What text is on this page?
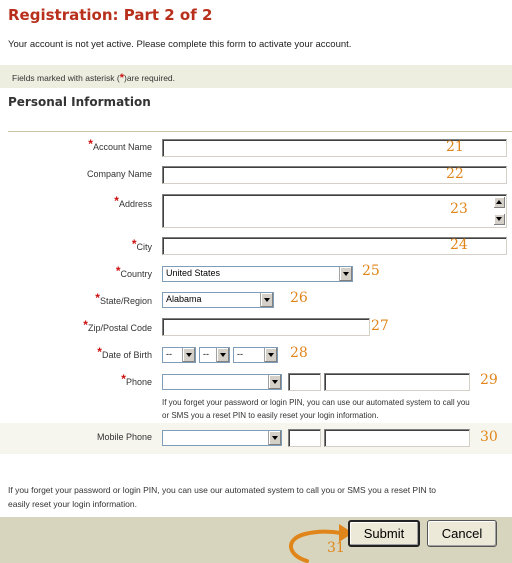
Registration: Part 2 of 2
Your account is not yet active. Please complete this form to activate your account.
Fields marked with asterisk (*)are required.
Personal Information
*Account Name	21
Company Name	22
*Address	23
*City	24
*Country	United States	25
*State/Region	Alabama	26
*Zip/Postal Code	27
*Date of Birth	--	--	--	28
*Phone	29
If you forget your password or login PIN, you can use our automated system to call you
or SMS you a reset PIN to easily reset your login information.
Mobile Phone	30
If you forget your password or login PIN, you can use our automated system to call you or SMS you a reset PIN to easily reset your login information.
31
Submit	Cancel
